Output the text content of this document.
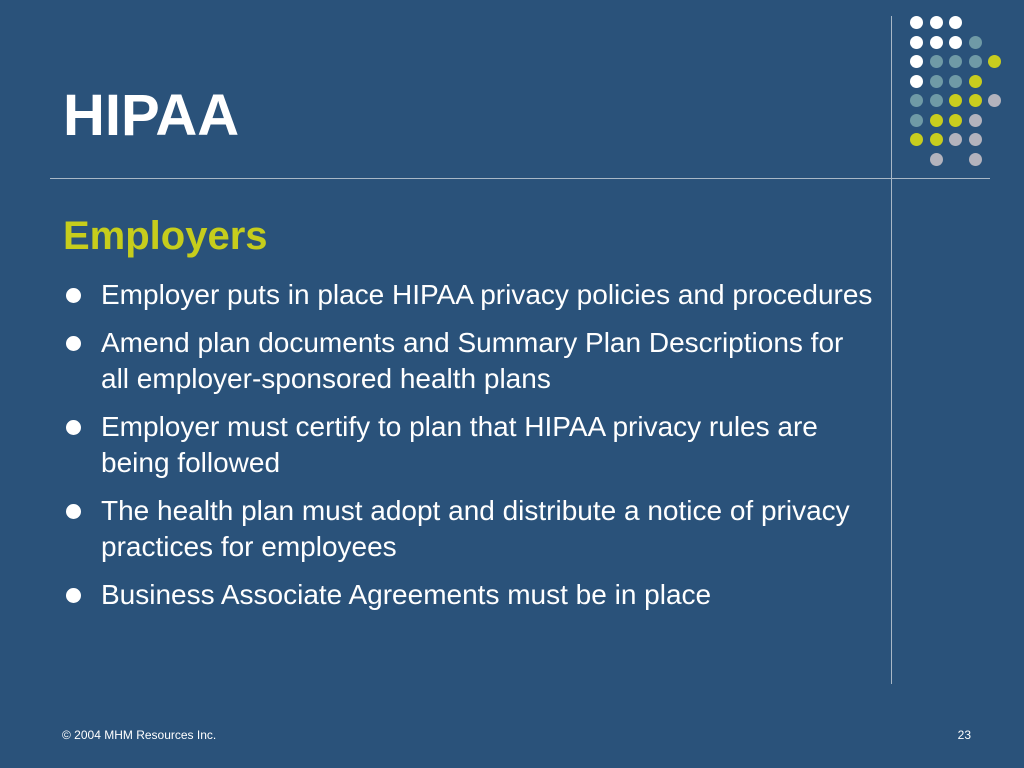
HIPAA
Employers
Employer puts in place HIPAA privacy policies and procedures
Amend plan documents and Summary Plan Descriptions for all employer-sponsored health plans
Employer must certify to plan that HIPAA privacy rules are being followed
The health plan must adopt and distribute a notice of privacy practices for employees
Business Associate Agreements must be in place
© 2004 MHM Resources Inc.	23
